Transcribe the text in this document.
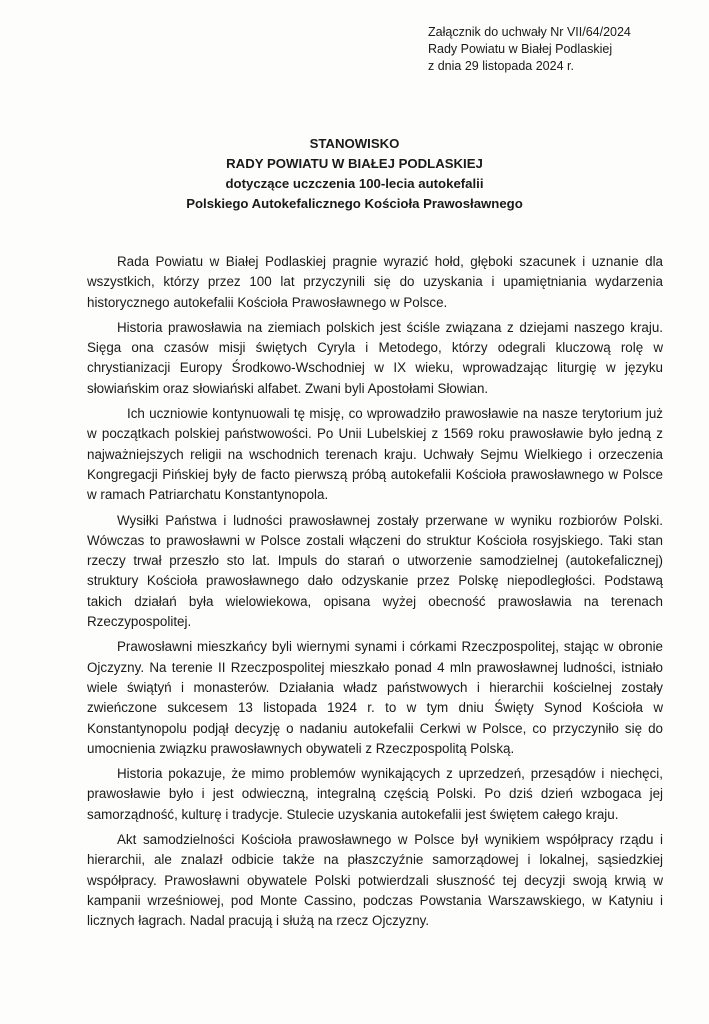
Załącznik do uchwały Nr VII/64/2024
Rady Powiatu w Białej Podlaskiej
z dnia 29 listopada 2024 r.
STANOWISKO
RADY POWIATU W BIAŁEJ PODLASKIEJ
dotyczące uczczenia 100-lecia autokefalii
Polskiego Autokefalicznego Kościoła Prawosławnego

Rada Powiatu w Białej Podlaskiej pragnie wyrazić hołd, głęboki szacunek i uznanie dla wszystkich, którzy przez 100 lat przyczynili się do uzyskania i upamiętniania wydarzenia historycznego autokefalii Kościoła Prawosławnego w Polsce.

Historia prawosławia na ziemiach polskich jest ściśle związana z dziejami naszego kraju. Sięga ona czasów misji świętych Cyryla i Metodego, którzy odegrali kluczową rolę w chrystianizacji Europy Środkowo-Wschodniej w IX wieku, wprowadzając liturgię w języku słowiańskim oraz słowiański alfabet. Zwani byli Apostołami Słowian.

Ich uczniowie kontynuowali tę misję, co wprowadziło prawosławie na nasze terytorium już w początkach polskiej państwowości. Po Unii Lubelskiej z 1569 roku prawosławie było jedną z najważniejszych religii na wschodnich terenach kraju. Uchwały Sejmu Wielkiego i orzeczenia Kongregacji Pińskiej były de facto pierwszą próbą autokefalii Kościoła prawosławnego w Polsce w ramach Patriarchatu Konstantynopola.

Wysiłki Państwa i ludności prawosławnej zostały przerwane w wyniku rozbiorów Polski. Wówczas to prawosławni w Polsce zostali włączeni do struktur Kościoła rosyjskiego. Taki stan rzeczy trwał przeszło sto lat. Impuls do starań o utworzenie samodzielnej (autokefalicznej) struktury Kościoła prawosławnego dało odzyskanie przez Polskę niepodległości. Podstawą takich działań była wielowiekowa, opisana wyżej obecność prawosławia na terenach Rzeczypospolitej.

Prawosławni mieszkańcy byli wiernymi synami i córkami Rzeczpospolitej, stając w obronie Ojczyzny. Na terenie II Rzeczpospolitej mieszkało ponad 4 mln prawosławnej ludności, istniało wiele świątyń i monasterów. Działania władz państwowych i hierarchii kościelnej zostały zwieńczone sukcesem 13 listopada 1924 r. to w tym dniu Święty Synod Kościoła w Konstantynopolu podjął decyzję o nadaniu autokefalii Cerkwi w Polsce, co przyczyniło się do umocnienia związku prawosławnych obywateli z Rzeczpospolitą Polską.

Historia pokazuje, że mimo problemów wynikających z uprzedzeń, przesądów i niechęci, prawosławie było i jest odwieczną, integralną częścią Polski. Po dziś dzień wzbogaca jej samorządność, kulturę i tradycje. Stulecie uzyskania autokefalii jest świętem całego kraju.

Akt samodzielności Kościoła prawosławnego w Polsce był wynikiem współpracy rządu i hierarchii, ale znalazł odbicie także na płaszczyźnie samorządowej i lokalnej, sąsiedzkiej współpracy. Prawosławni obywatele Polski potwierdzali słuszność tej decyzji swoją krwią w kampanii wrześniowej, pod Monte Cassino, podczas Powstania Warszawskiego, w Katyniu i licznych łagrach. Nadal pracują i służą na rzecz Ojczyzny.
